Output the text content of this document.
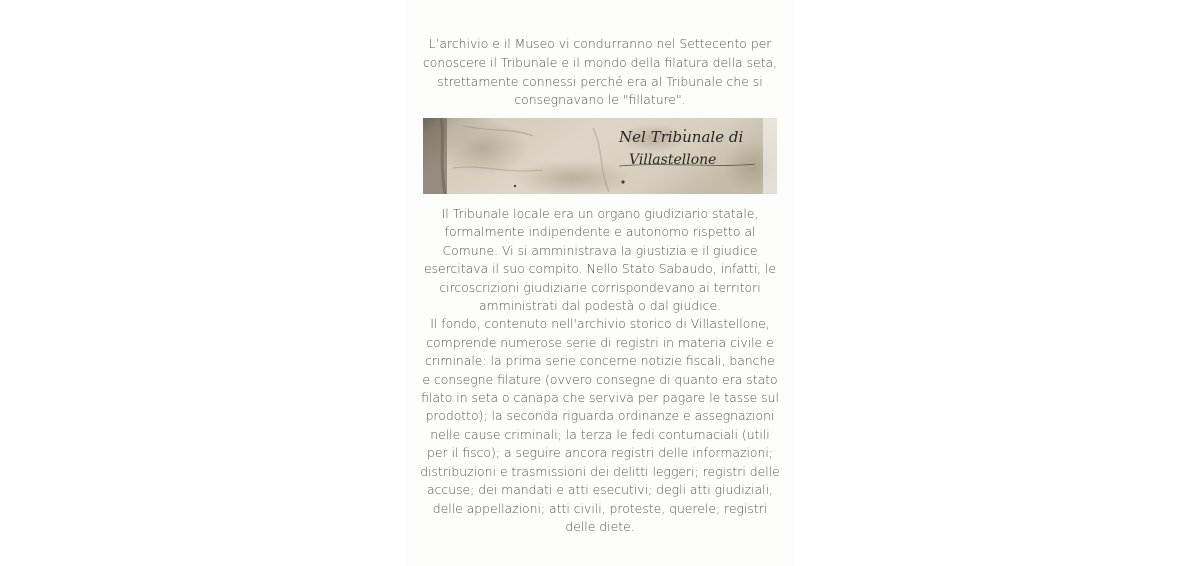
L’archivio e il Museo vi condurranno nel Settecento per conoscere il Tribunale e il mondo della filatura della seta, strettamente connessi perché era al Tribunale che si consegnavano le "fillature".

Nel Tribunale di
Villastellone

Il Tribunale locale era un organo giudiziario statale, formalmente indipendente e autonomo rispetto al Comune. Vi si amministrava la giustizia e il giudice esercitava il suo compito. Nello Stato Sabaudo, infatti, le circoscrizioni giudiziarie corrispondevano ai territori amministrati dal podestà o dal giudice.

Il fondo, contenuto nell'archivio storico di Villastellone, comprende numerose serie di registri in materia civile e criminale: la prima serie concerne notizie fiscali, banche e consegne filature (ovvero consegne di quanto era stato filato in seta o canapa che serviva per pagare le tasse sul prodotto); la seconda riguarda ordinanze e assegnazioni nelle cause criminali; la terza le fedi contumaciali (utili per il fisco); a seguire ancora registri delle informazioni; distribuzioni e trasmissioni dei delitti leggeri; registri delle accuse; dei mandati e atti esecutivi; degli atti giudiziali, delle appellazioni; atti civili, proteste, querele; registri delle diete.
